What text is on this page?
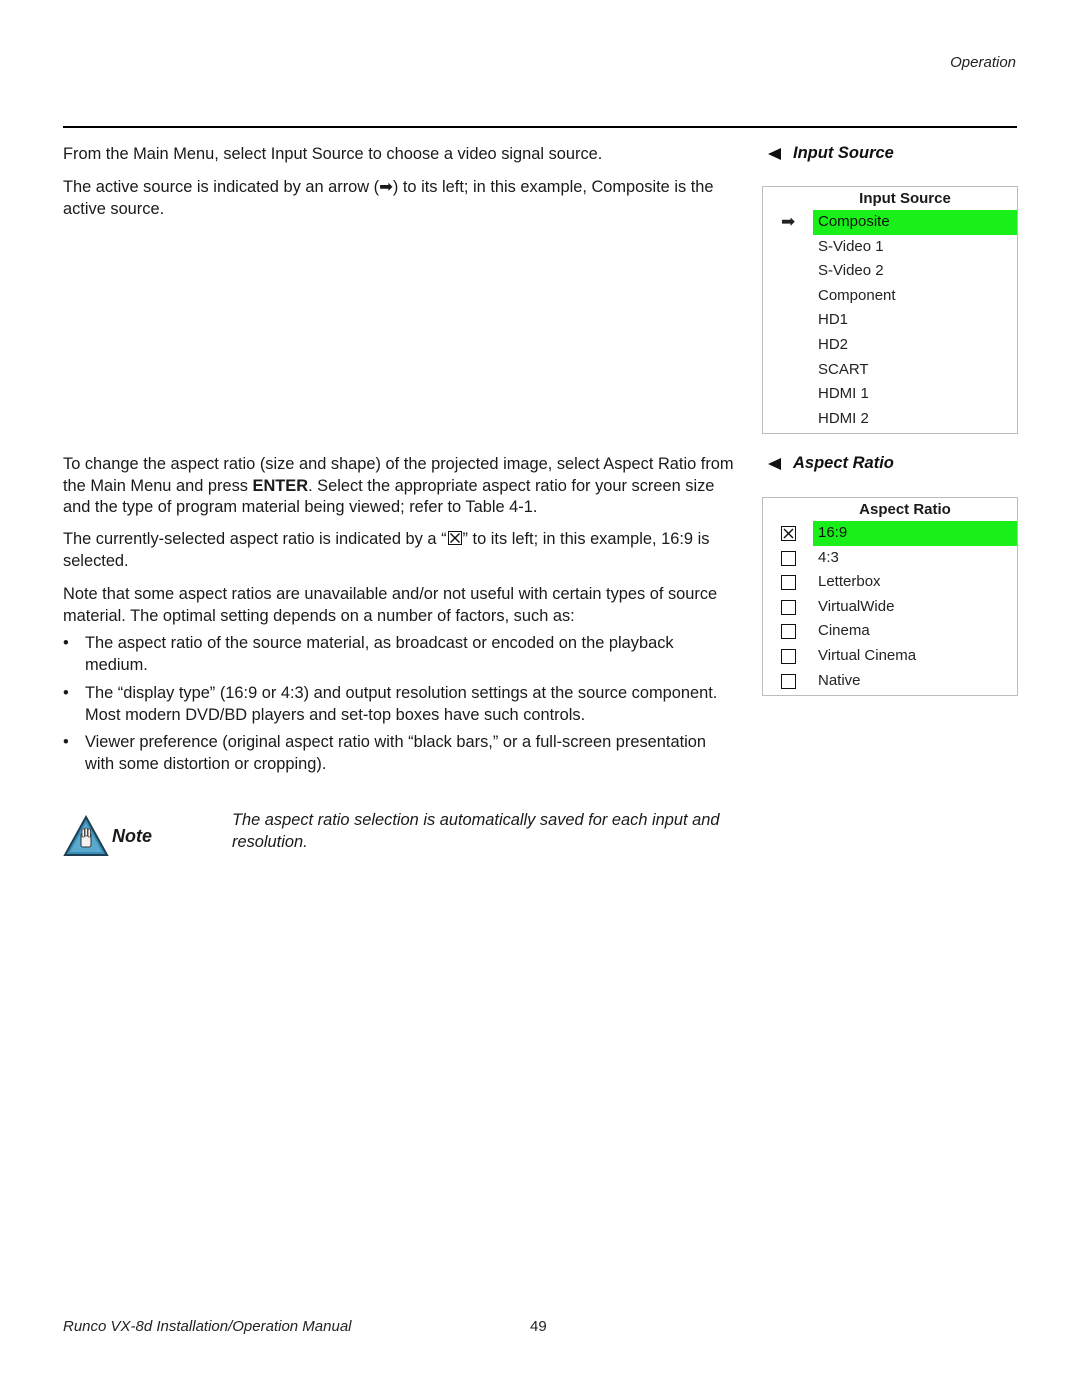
Operation

From the Main Menu, select Input Source to choose a video signal source.

The active source is indicated by an arrow (➡) to its left; in this example, Composite is the active source.

To change the aspect ratio (size and shape) of the projected image, select Aspect Ratio from the Main Menu and press ENTER. Select the appropriate aspect ratio for your screen size and the type of program material being viewed; refer to Table 4-1.

The currently-selected aspect ratio is indicated by a “ ” to its left; in this example, 16:9 is selected.

Note that some aspect ratios are unavailable and/or not useful with certain types of source material. The optimal setting depends on a number of factors, such as:

• The aspect ratio of the source material, as broadcast or encoded on the playback medium.
• The “display type” (16:9 or 4:3) and output resolution settings at the source component. Most modern DVD/BD players and set-top boxes have such controls.
• Viewer preference (original aspect ratio with “black bars,” or a full-screen presentation with some distortion or cropping).
Note
The aspect ratio selection is automatically saved for each input and resolution.
Input Source
Input Source
➡	Composite
S-Video 1
S-Video 2
Component
HD1
HD2
SCART
HDMI 1
HDMI 2
Aspect Ratio
Aspect Ratio
16:9
4:3
Letterbox
VirtualWide
Cinema
Virtual Cinema
Native
Runco VX-8d Installation/Operation Manual	49
